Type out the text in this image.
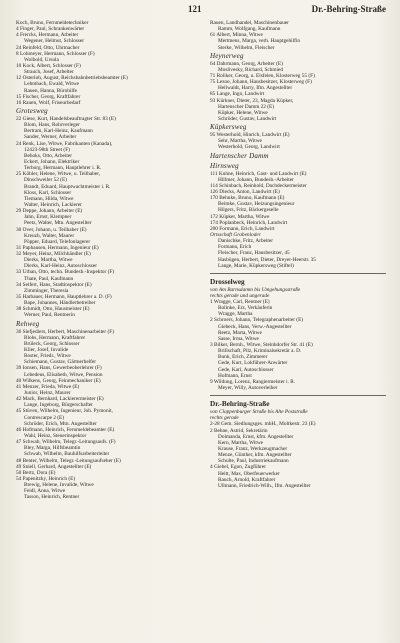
121	Dr.-Behring-Straße
Koch, Bruno, Fernmeldetechniker
4 Finger, Paul, Schrankenwärter
4 Frercks, Hermann, Arbeiter
Wegener, Helmut, Schlosser
24 Reinfeld, Otto, Uhrmacher
8 Lohmeyer, Hermann, Schlosser (F)
Wolbold, Ursula
10 Kock, Albert, Schlosser (F)
Strauch, Josef, Arbeiter
12 Osterloh, August, Reichsbahnbetriebsbeamter (E)
Lehmbach, Ewald, Witwe
Rauen, Hanna, Bürohilfe
15 Fischer, Georg, Kraftfahrer
16 Rauen, Wolf, Friseurbedarf
Grotesweg
22 Giese, Kurt, Handelsbeauftragter Str. 83 (E)
Blom, Hans, Rohrverleger
Bertram, Karl-Heinz, Kaufmann
Sander, Werner, Arbeiter
24 Renk, Lise, Witwe, Fabrikanten (Kanada),
12423-98th Street (F)
Behoks, Otto, Arbeiter
Eckert, Johann, Elektriker
Terborg, Hermann, Hauptlehrer i. R.
25 Köhler, Helene, Witwe, u. Teilhaber,
Dinschweiler 52 (E)
Brandt, Eduard, Hauptwachtmeister i. R.
Kloss, Karl, Schlosser
Tiemann, Hilda, Witwe
Walter, Heinrich, Lackierer
29 Deppe, Johann, Arbeiter (E)
Jahn, Ernst, Klempner
Peetz, Walter, Mtn. Angestellter
30 Over, Johann, u. Teilhaber (E)
Kreuzh, Walter, Maurer
Pöpper, Eduard, Telefonlagerer
31 Paphausen, Hermann, Ingenieur (E)
32 Meyer, Heinz, Milchhändler (E)
Dierks, Martha, Witwe
Dierks, Karl-Heinz, Autoschlosser
33 Urban, Otto, techn. Bundesb.-Inspektor (F)
Thate, Paul, Kaufmann
34 Seifert, Hans, Stadtinspektor (E)
Zimminger, Theresia
35 Harbauer, Hermann, Hauptlehrer a. D. (F)
Bape, Johannes, Händlerbetreiber
38 Schmidt, Otto, Hausmeister (E)
Werner, Paul, Rentnerin
Rehweg
36 Siefjediers, Herbert, Maschinenarbeiter (F)
Blohs, Hermann, Kraftfahrer
Brüleck, Georg, Schlosser
Klier, Josef, Invalide
Roster, Friedr., Witwe
Schiemann, Gustav, Gärtnerhelfer
39 Ionsen, Hans, Gewerbeoberlehrer (F)
Lebedeus, Elisabeth, Witwe, Pension
40 Wilkens, Georg, Feinmechaniker (E)
41 Menzer, Frieda, Witwe (E)
Junior, Heinz, Maurer
42 Mack, Bernhard, Lackierermeister (E)
Lange, Ingeborg, Bürgerschafter
45 Stüven, Wilhelm, Ingenieur, Joh. Pymonit,
Contrescarpe 2 (E)
Schröder, Erich, Mtn. Angestellter
46 Hofmann, Heinrich, Fernmeldebeamter (E)
Wahl, Heinz, Steuerinspektor
47 Schwab, Wilhelm, Telegr.-Leitungsaufs. (F)
Bley, Marga, Hilfsbeamtin
Schwab, Wilhelm, Bauhilfsarbeiterleiter
48 Benter, Wilhelm, Telegr.-Leitungsaufseher (E)
49 Sniell, Gerhard, Angestellter (E)
50 Bertz, Dora (E)
54 Papenitzky, Heinrich (E)
Brewig, Helene, Invalide, Witwe
Feidl, Anna, Witwe
Tasson, Heinrich, Rentner
Rauen, Landhandel, Maschinenbauer
Ramm, Wolfgang, Kaufmann
61 Albert, Minna, Witwe
Mertmens, Marga, verh. Hauptgehilfin
Sterke, Wilhelm, Fleischer
Heynerweg
64 Dahrmann, Georg, Arbeiter (E)
Moslivesky, Richard, Schmied
71 Roliker, Georg, u. Elsfelen, Klosterweg 55 (F)
75 Lezoe, Johann, Hausbesitzer, Klosterweg (F)
Hellwaldt, Harry, Ifm. Angestellter
85 Lange, Ingo, Landwirt
93 Kürkner, Dieter, 23, Magda Küpker,
Hartenscher Damm 22 (E)
Küpker, Helene, Witwe
Schröder, Gustav, Landwirt
Küpkersweg
95 Westerhold, Hinrich, Landwirt (E)
Sehr, Martha, Witwe
Westerhold, Georg, Landwirt
Hartenscher Damm
Hirnsweg
111 Kuhne, Heinrich, Gast- und Landwirt (E)
Hillmer, Johann, Bundesb.-Arbeiter
114 Schinbach, Reinhold, Dachdeckermeister
126 Diecks, Anton, Landwirt (E)
170 Behnke, Bruno, Kaufmann (E)
Beimke, Gustav, Heizungsingenieur
Hilgers, Fritz, Bäckergeselle
172 Küpker, Martha, Witwe
174 Poplanbeck, Heinrich, Landwirt
200 Formann, Erich, Landwirt
Ortsschaft Grabenloder
Danischke, Fritz, Arbeiter
Formann, Erich
Fleischer, Franz, Hausbesitzer, 45
Hasbügen, Herbert, Dieter, Dreyer-Heerstr. 35
Lange, Marie, Küpkersweg (Stiftel)
Drosselweg
von Am Barnsdamm bis Umgehungsstraße
rechts gerade und ungerade
1 Wragge, Carl, Rentner (E)
Rolinke, Erz, Verkäuferin
Wragge, Martha
2 Schroers, Johann, Telegraphenarbeiter (E)
Giebeck, Hans, Verw.-Angestellter
Reetz, Marta, Witwe
Sasse, Irma, Witwe
3 Bilker, Bernh., Witwe, Steinhdorfer Str. 41 (E)
Brillschaft, Pilz, Kriminalsekretär a. D.
Bunk, Erich, Zimmerer
Gede, Kurt, Lokführer-Anwärter
Gede, Karl, Autoschlosser
Hofmann, Ernst
9 Wildung, Lorenz, Rangiermeister i. R.
Meyer, Willy, Autoverleiher
Dr.-Behring-Straße
von Cloppenburger Straße bis Alte Poststraße
rechts gerade
2-28 Gem. Siedlungsges. mbH., Moltkestr. 23 (E)
2 Behne, Astrid, Sekretärin
Dolmanda, Ernst, kfm. Angestellter
Kern, Martha, Witwe
Krause, Franz, Werkzeugmacher
Menze, Günther, kfm. Angestellter
Schulte, Paul, Industriekaufmann
4 Giebel, Egon, Zugführer
Heitt, Max, Oberfeuerwerker
Rauch, Arnold, Kraftfahrer
Ullmann, Friedrich-Wilh., Ifm. Angestellter
